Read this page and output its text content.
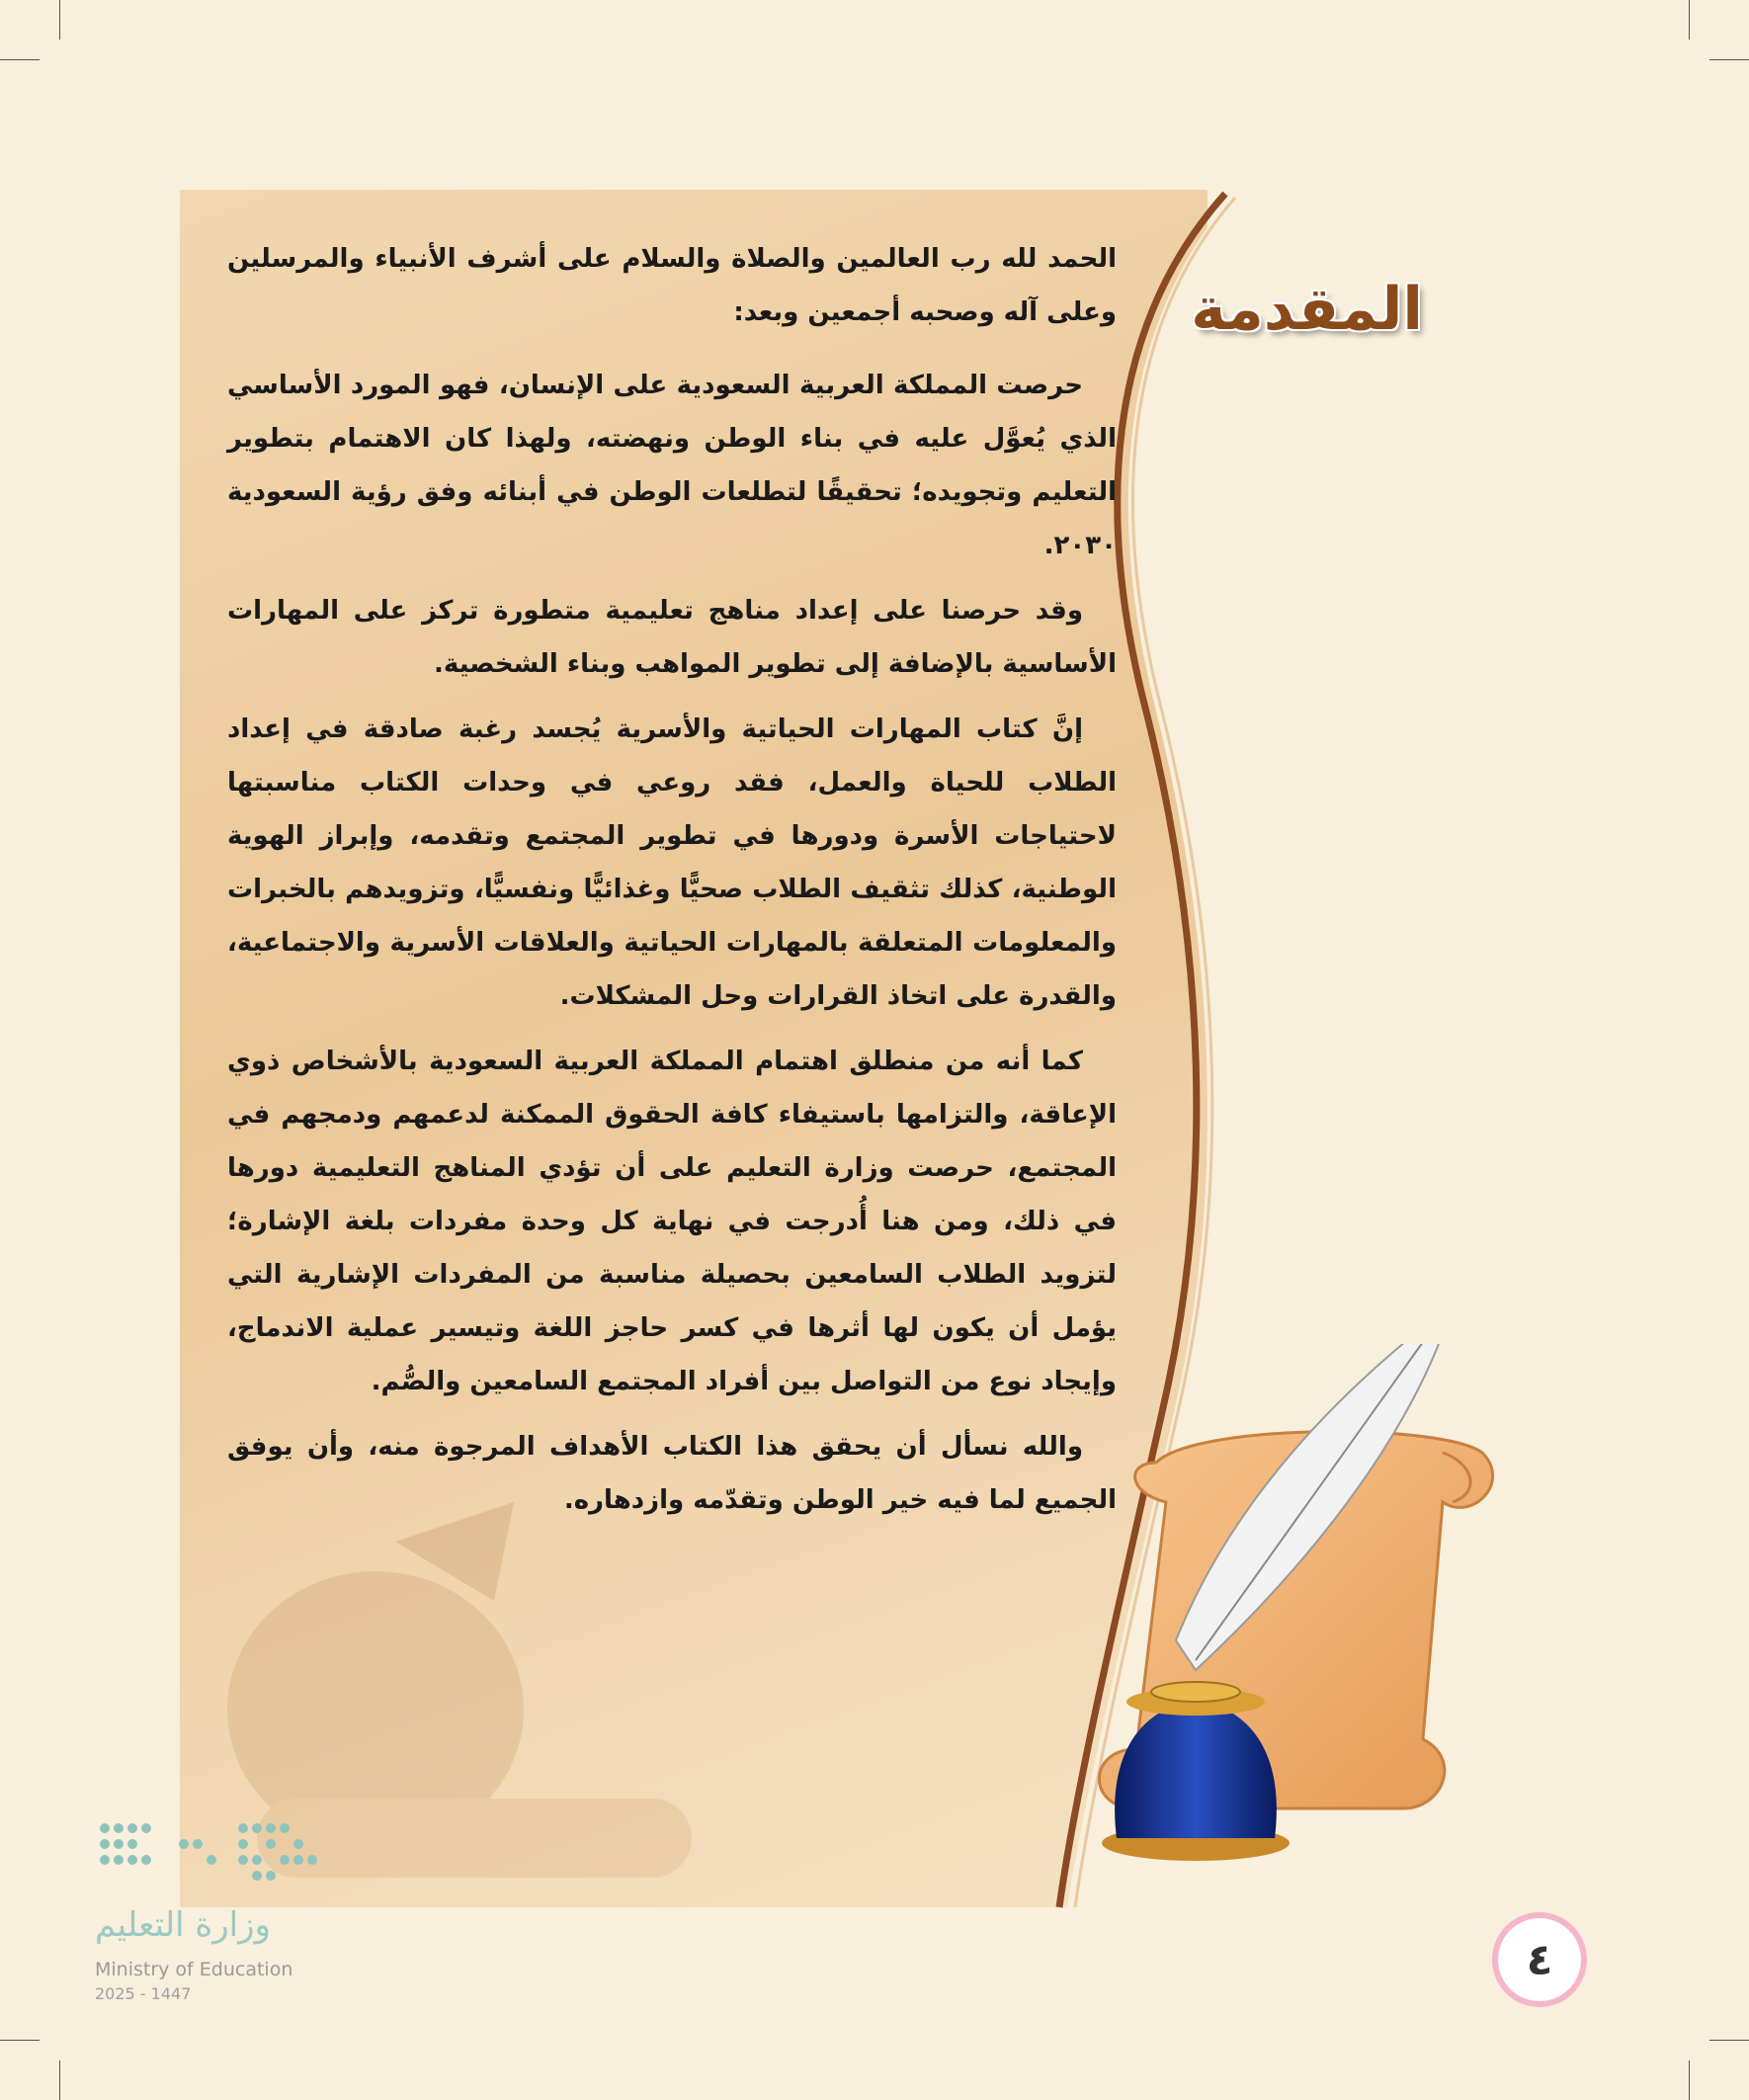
المقدمة

الحمد لله رب العالمين والصلاة والسلام على أشرف الأنبياء والمرسلين وعلى آله وصحبه أجمعين وبعد:

حرصت المملكة العربية السعودية على الإنسان، فهو المورد الأساسي الذي يُعوَّل عليه في بناء الوطن ونهضته، ولهذا كان الاهتمام بتطوير التعليم وتجويده؛ تحقيقًا لتطلعات الوطن في أبنائه وفق رؤية السعودية ٢٠٣٠.

وقد حرصنا على إعداد مناهج تعليمية متطورة تركز على المهارات الأساسية بالإضافة إلى تطوير المواهب وبناء الشخصية.

إنَّ كتاب المهارات الحياتية والأسرية يُجسد رغبة صادقة في إعداد الطلاب للحياة والعمل، فقد روعي في وحدات الكتاب مناسبتها لاحتياجات الأسرة ودورها في تطوير المجتمع وتقدمه، وإبراز الهوية الوطنية، كذلك تثقيف الطلاب صحيًّا وغذائيًّا ونفسيًّا، وتزويدهم بالخبرات والمعلومات المتعلقة بالمهارات الحياتية والعلاقات الأسرية والاجتماعية، والقدرة على اتخاذ القرارات وحل المشكلات.

كما أنه من منطلق اهتمام المملكة العربية السعودية بالأشخاص ذوي الإعاقة، والتزامها باستيفاء كافة الحقوق الممكنة لدعمهم ودمجهم في المجتمع، حرصت وزارة التعليم على أن تؤدي المناهج التعليمية دورها في ذلك، ومن هنا أُدرجت في نهاية كل وحدة مفردات بلغة الإشارة؛ لتزويد الطلاب السامعين بحصيلة مناسبة من المفردات الإشارية التي يؤمل أن يكون لها أثرها في كسر حاجز اللغة وتيسير عملية الاندماج، وإيجاد نوع من التواصل بين أفراد المجتمع السامعين والصُّم.

والله نسأل أن يحقق هذا الكتاب الأهداف المرجوة منه، وأن يوفق الجميع لما فيه خير الوطن وتقدّمه وازدهاره.

وزارة التعليم
Ministry of Education
2025 - 1447
٤
